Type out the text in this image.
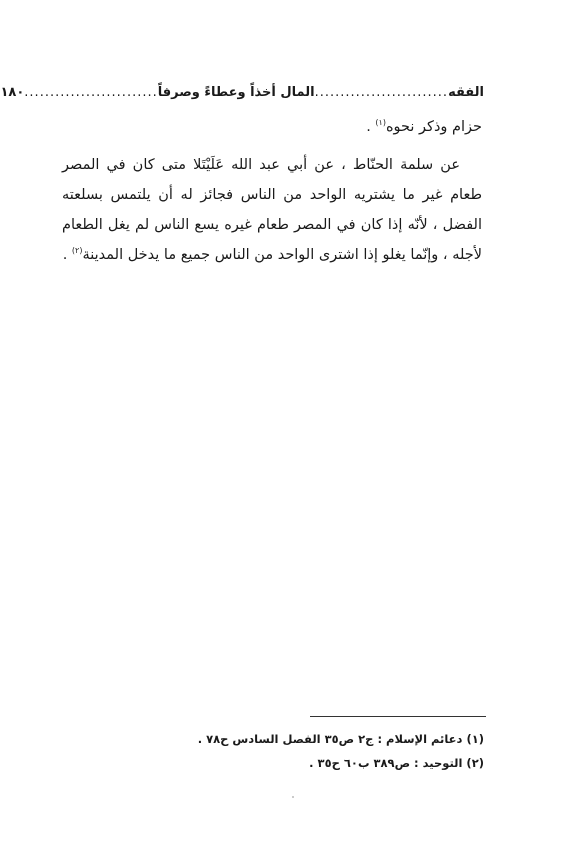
الفقه
..........................
المال أخذاً وعطاءً وصرفاً
..........................
١٨٠

حزام وذكر نحوه$^{(١)}$ .

عن سلمة الحنّاط ، عن أبي عبد الله عَلَيْتَلا متى كان في المصر طعام غير ما يشتريه الواحد من الناس فجائز له أن يلتمس بسلعته الفضل ، لأنّه إذا كان في المصر طعام غيره يسع الناس لم يغل الطعام لأجله ، وإنّما يغلو إذا اشترى الواحد من الناس جميع ما يدخل المدينة$^{(٢)}$ .

(١) دعائم الإسلام : ج٢ ص٣٥ الفصل السادس ح٧٨ .
(٢) التوحيد : ص٣٨٩ ب٦٠ ح٣٥ .
